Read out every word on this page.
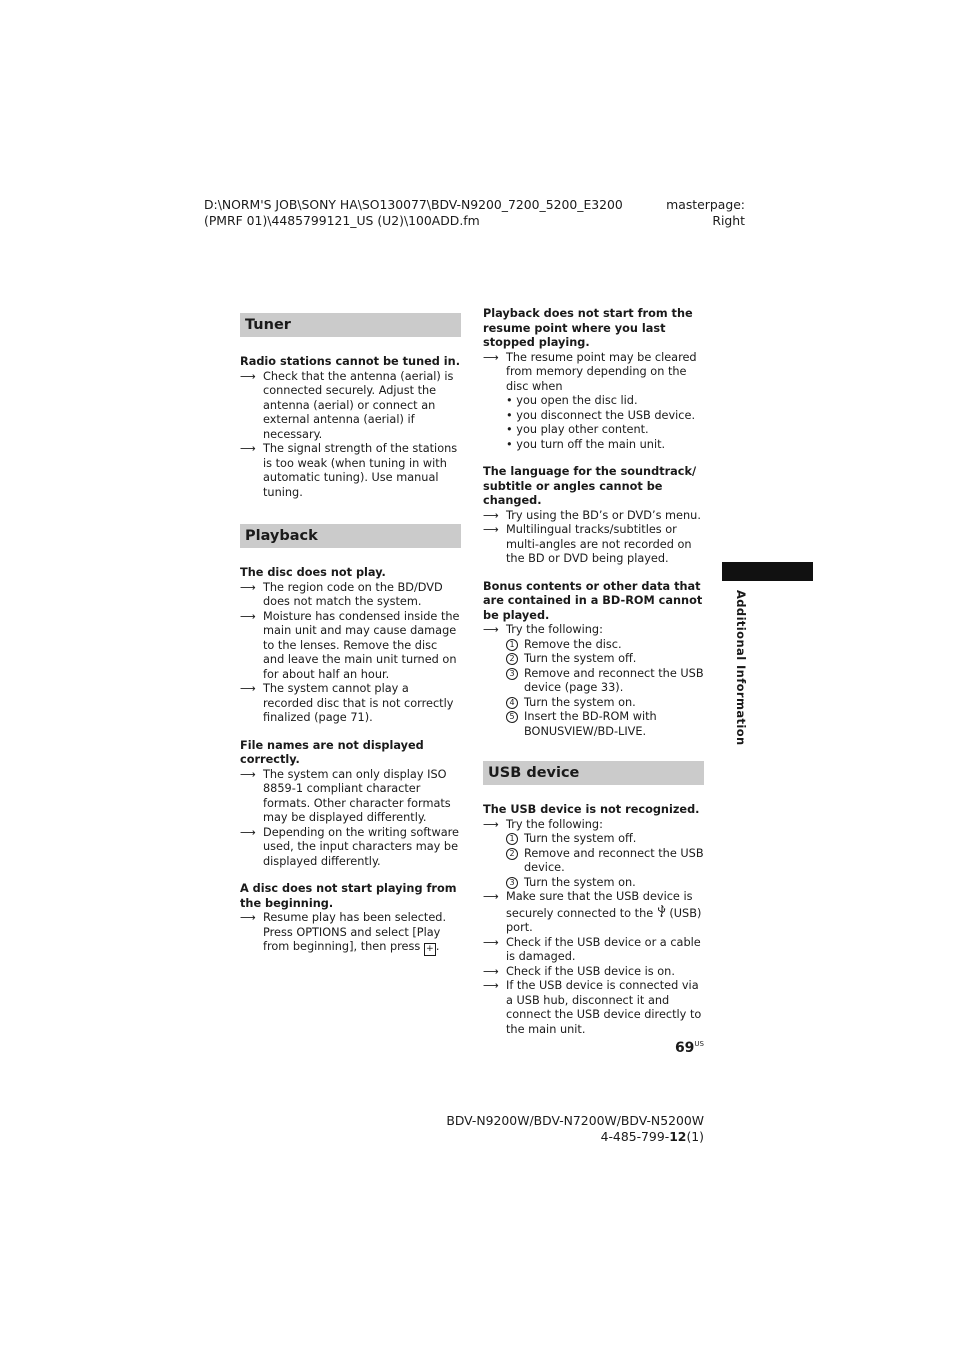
D:\NORM'S JOB\SONY HA\SO130077\BDV-N9200_7200_5200_E3200
(PMRF 01)\4485799121_US (U2)\100ADD.fm
masterpage:
Right
Tuner

Radio stations cannot be tuned in.

⟶ Check that the antenna (aerial) is connected securely. Adjust the antenna (aerial) or connect an external antenna (aerial) if necessary.
⟶ The signal strength of the stations is too weak (when tuning in with automatic tuning). Use manual tuning.
Playback

The disc does not play.

⟶ The region code on the BD/DVD does not match the system.
⟶ Moisture has condensed inside the main unit and may cause damage to the lenses. Remove the disc and leave the main unit turned on for about half an hour.
⟶ The system cannot play a recorded disc that is not correctly finalized (page 71).

File names are not displayed correctly.

⟶ The system can only display ISO 8859-1 compliant character formats. Other character formats may be displayed differently.
⟶ Depending on the writing software used, the input characters may be displayed differently.

A disc does not start playing from the beginning.

⟶ Resume play has been selected. Press OPTIONS and select [Play from beginning], then press + .

Playback does not start from the resume point where you last stopped playing.

⟶ The resume point may be cleared from memory depending on the disc when
• you open the disc lid.
• you disconnect the USB device.
• you play other content.
• you turn off the main unit.

The language for the soundtrack/ subtitle or angles cannot be changed.

⟶ Try using the BD’s or DVD’s menu.
⟶ Multilingual tracks/subtitles or multi-angles are not recorded on the BD or DVD being played.

Bonus contents or other data that are contained in a BD-ROM cannot be played.

⟶ Try the following:
1 Remove the disc.
2 Turn the system off.
3 Remove and reconnect the USB device (page 33).
4 Turn the system on.
5 Insert the BD-ROM with BONUSVIEW/BD-LIVE.
USB device

The USB device is not recognized.

⟶ Try the following:
1 Turn the system off.
2 Remove and reconnect the USB device.
3 Turn the system on.
⟶ Make sure that the USB device is securely connected to the (USB) port.
⟶ Check if the USB device or a cable is damaged.
⟶ Check if the USB device is on.
⟶ If the USB device is connected via a USB hub, disconnect it and connect the USB device directly to the main unit.
Additional Information
$69^{US}$
BDV-N9200W/BDV-N7200W/BDV-N5200W
4-485-799-12(1)
